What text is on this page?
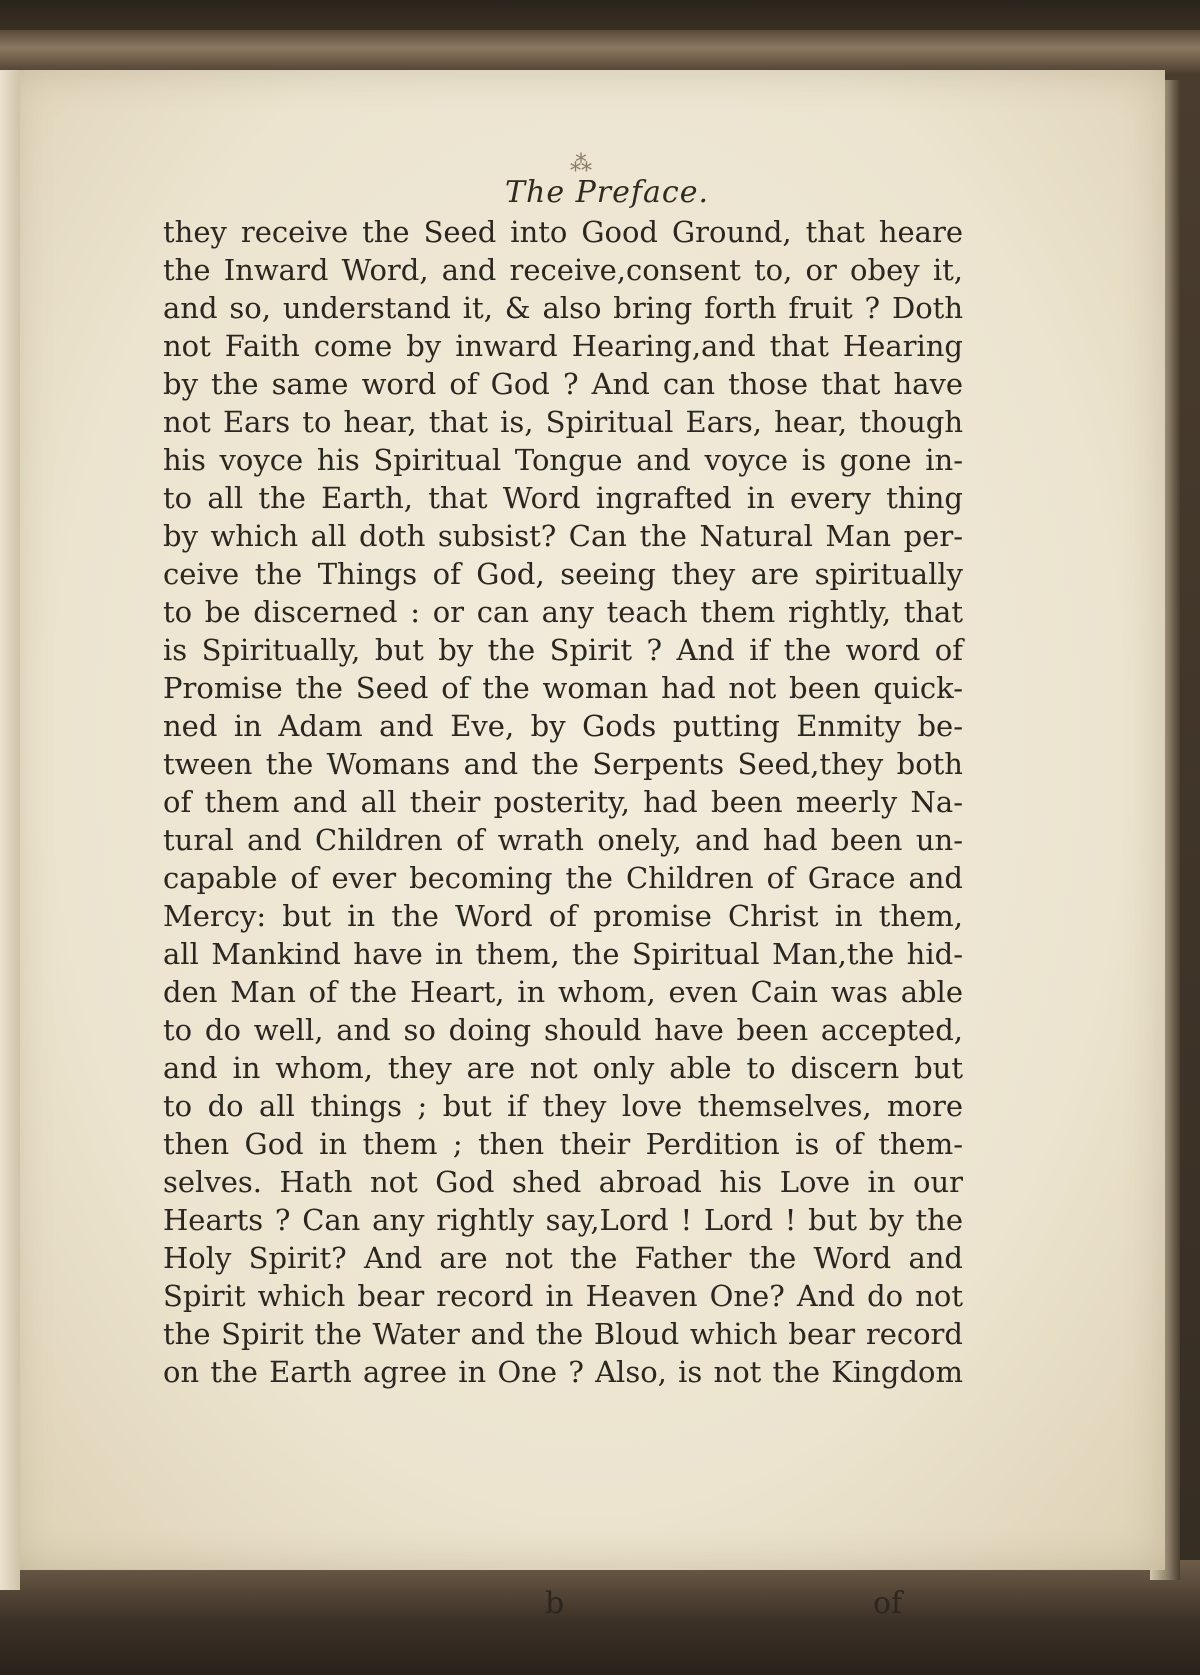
⁂
The Preface.
they receive the Seed into Good Ground, that heare
the Inward Word, and receive,consent to, or obey it,
and so, understand it, & also bring forth fruit ? Doth
not Faith come by inward Hearing,and that Hearing
by the same word of God ? And can those that have
not Ears to hear, that is, Spiritual Ears, hear, though
his voyce his Spiritual Tongue and voyce is gone in-
to all the Earth, that Word ingrafted in every thing
by which all doth subsist? Can the Natural Man per-
ceive the Things of God, seeing they are spiritually
to be discerned : or can any teach them rightly, that
is Spiritually, but by the Spirit ? And if the word of
Promise the Seed of the woman had not been quick-
ned in Adam and Eve, by Gods putting Enmity be-
tween the Womans and the Serpents Seed,they both
of them and all their posterity, had been meerly Na-
tural and Children of wrath onely, and had been un-
capable of ever becoming the Children of Grace and
Mercy: but in the Word of promise Christ in them,
all Mankind have in them, the Spiritual Man,the hid-
den Man of the Heart, in whom, even Cain was able
to do well, and so doing should have been accepted,
and in whom, they are not only able to discern but
to do all things ; but if they love themselves, more
then God in them ; then their Perdition is of them-
selves. Hath not God shed abroad his Love in our
Hearts ? Can any rightly say,Lord ! Lord ! but by the
Holy Spirit? And are not the Father the Word and
Spirit which bear record in Heaven One? And do not
the Spirit the Water and the Bloud which bear record
on the Earth agree in One ? Also, is not the Kingdom
b	of
